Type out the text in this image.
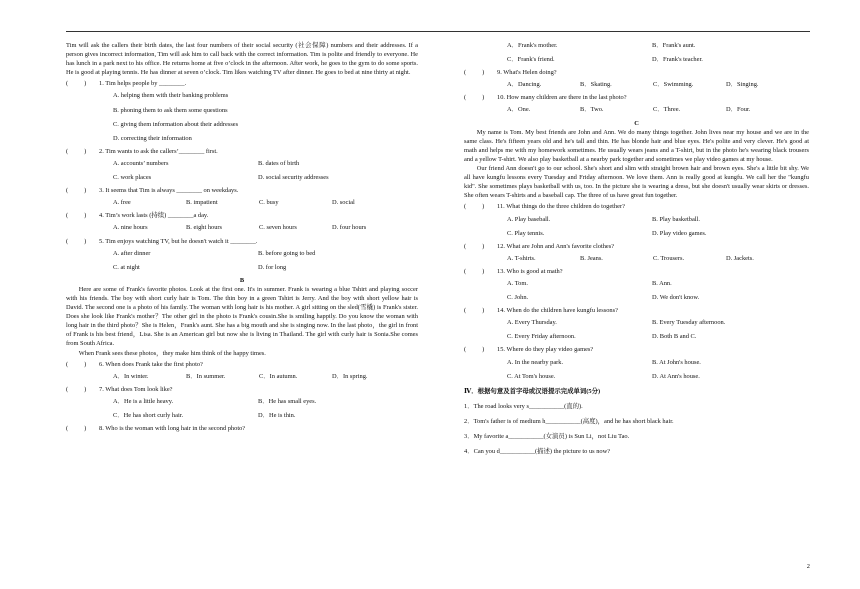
Tim will ask the callers their birth dates, the last four numbers of their social security (社会保障) numbers and their addresses. If a person gives incorrect information, Tim will ask him to call back with the correct information. Tim is polite and friendly to everyone. He has lunch in a park next to his office. He returns home at five o’clock in the afternoon. After work, he goes to the gym to do some sports. He is good at playing tennis. He has dinner at seven o’clock. Tim likes watching TV after dinner. He goes to bed at nine thirty at night.

(          )	1. Tim helps people by ________.
A. helping them with their banking problems
B. phoning them to ask them some questions
C. giving them information about their addresses
D. correcting their information
(          )	2. Tim wants to ask the callers’________ first.
A. accounts’ numbers	B. dates of birth
C. work places	D. social security addresses
(          )	3. It seems that Tim is always ________ on weekdays.
A. free	B. impatient	C. busy	D. social
(          )	4. Tim’s work lasts (持续) ________a day.
A. nine hours	B. eight hours	C. seven hours	D. four hours
(          )	5. Tim enjoys watching TV, but he doesn't watch it ________.
A. after dinner	B. before going to bed
C. at night	D. for long

B

Here are some of Frank's favorite photos. Look at the first one. It's in summer. Frank is wearing a blue Tshirt and playing soccer with his friends. The boy with short curly hair is Tom. The thin boy in a green Tshirt is Jerry. And the boy with short yellow hair is David. The second one is a photo of his family. The woman with long hair is his mother. A girl sitting on the sled(雪橇) is Frank's sister. Does she look like Frank's mother？The other girl in the photo is Frank's cousin.She is smiling happily. Do you know the woman with long hair in the third photo？She is Helen，Frank's aunt. She has a big mouth and she is singing now. In the last photo，the girl in front of Frank is his best friend，Lisa. She is an American girl but now she is living in Thailand. The girl with curly hair is Sonia.She comes from South Africa.

When Frank sees these photos，they make him think of the happy times.

(          )	6. When does Frank take the first photo?
A．In winter.	B．In summer.	C．In autumn.	D．In spring.
(          )	7. What does Tom look like?
A．He is a little heavy.	B．He has small eyes.
C．He has short curly hair.	D．He is thin.
(          )	8. Who is the woman with long hair in the second photo?
A．Frank's mother.	B．Frank's aunt.
C．Frank's friend.	D．Frank's teacher.
(          )	9. What's Helen doing?
A．Dancing.	B．Skating.	C．Swimming.	D．Singing.
(          )	10. How many children are there in the last photo?
A．One.	B．Two.	C．Three.	D．Four.

C

My name is Tom. My best friends are John and Ann. We do many things together. John lives near my house and we are in the same class. He's fifteen years old and he's tall and thin. He has blonde hair and blue eyes. He's polite and very clever. He's good at math and helps me with my homework sometimes. He usually wears jeans and a T-shirt, but in the photo he's wearing black trousers and a yellow T-shirt. We also play basketball at a nearby park together and sometimes we play video games at my house.

Our friend Ann doesn't go to our school. She's short and slim with straight brown hair and brown eyes. She's a little bit shy. We all have kungfu lessons every Tuesday and Friday afternoon. We love them. Ann is really good at kungfu. We call her the "kungfu kid". She sometimes plays basketball with us, too. In the picture she is wearing a dress, but she doesn't usually wear skirts or dresses. She often wears T-shirts and a baseball cap. The three of us have great fun together.

(          )	11. What things do the three children do together?
A. Play baseball.	B. Play basketball.
C. Play tennis.	D. Play video games.
(          )	12. What are John and Ann's favorite clothes?
A. T-shirts.	B. Jeans.	C. Trousers.	D. Jackets.
(          )	13. Who is good at math?
A. Tom.	B. Ann.
C. John.	D. We don't know.
(          )	14. When do the children have kungfu lessons?
A. Every Thursday.	B. Every Tuesday afternoon.
C. Every Friday afternoon.	D. Both B and C.
(          )	15. Where do they play video games?
A. In the nearby park.	B. At John's house.
C. At Tom's house.	D. At Ann's house.

Ⅳ．根据句意及首字母或汉语提示完成单词(5分)

1．The road looks very s___________(直的).

2．Tom's father is of medium h___________(高度)，and he has short black hair.

3．My favorite a___________(女演员) is Sun Li，not Liu Tao.

4．Can you d___________(描述) the picture to us now?

2
